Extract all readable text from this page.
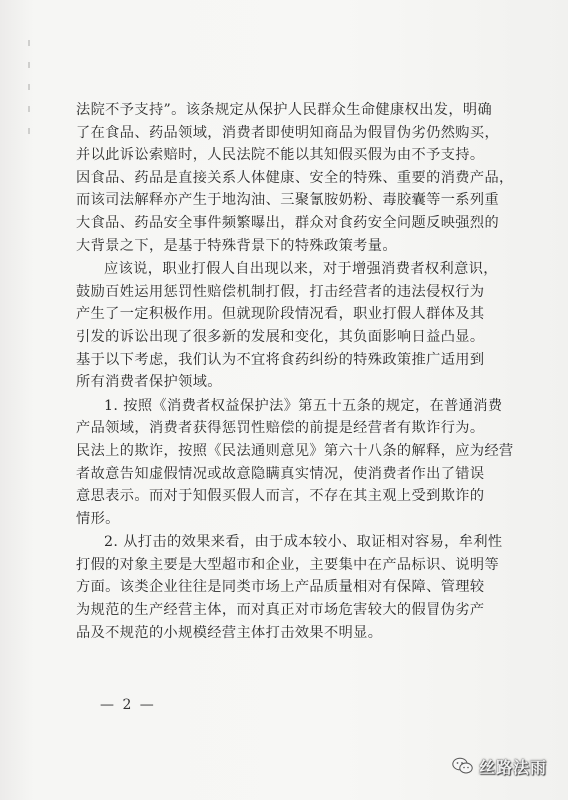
法院不予支持”。该条规定从保护人民群众生命健康权出发，明确
了在食品、药品领域，消费者即使明知商品为假冒伪劣仍然购买，
并以此诉讼索赔时，人民法院不能以其知假买假为由不予支持。
因食品、药品是直接关系人体健康、安全的特殊、重要的消费产品，
而该司法解释亦产生于地沟油、三聚氰胺奶粉、毒胶囊等一系列重
大食品、药品安全事件频繁曝出，群众对食药安全问题反映强烈的
大背景之下，是基于特殊背景下的特殊政策考量。
应该说，职业打假人自出现以来，对于增强消费者权利意识，
鼓励百姓运用惩罚性赔偿机制打假，打击经营者的违法侵权行为
产生了一定积极作用。但就现阶段情况看，职业打假人群体及其
引发的诉讼出现了很多新的发展和变化，其负面影响日益凸显。
基于以下考虑，我们认为不宜将食药纠纷的特殊政策推广适用到
所有消费者保护领域。
1. 按照《消费者权益保护法》第五十五条的规定，在普通消费
产品领域，消费者获得惩罚性赔偿的前提是经营者有欺诈行为。
民法上的欺诈，按照《民法通则意见》第六十八条的解释，应为经营
者故意告知虚假情况或故意隐瞒真实情况，使消费者作出了错误
意思表示。而对于知假买假人而言，不存在其主观上受到欺诈的
情形。
2. 从打击的效果来看，由于成本较小、取证相对容易，牟利性
打假的对象主要是大型超市和企业，主要集中在产品标识、说明等
方面。该类企业往往是同类市场上产品质量相对有保障、管理较
为规范的生产经营主体，而对真正对市场危害较大的假冒伪劣产
品及不规范的小规模经营主体打击效果不明显。
— 2 —
丝路法雨
